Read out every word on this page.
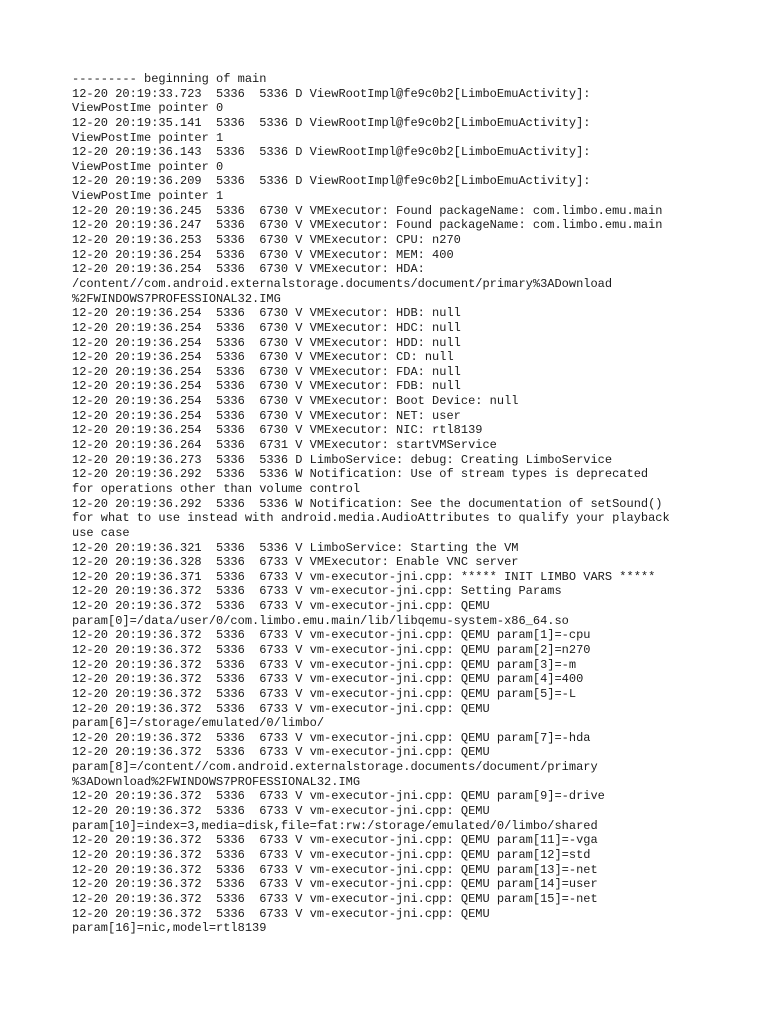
--------- beginning of main
12-20 20:19:33.723  5336  5336 D ViewRootImpl@fe9c0b2[LimboEmuActivity]:
ViewPostIme pointer 0
12-20 20:19:35.141  5336  5336 D ViewRootImpl@fe9c0b2[LimboEmuActivity]:
ViewPostIme pointer 1
12-20 20:19:36.143  5336  5336 D ViewRootImpl@fe9c0b2[LimboEmuActivity]:
ViewPostIme pointer 0
12-20 20:19:36.209  5336  5336 D ViewRootImpl@fe9c0b2[LimboEmuActivity]:
ViewPostIme pointer 1
12-20 20:19:36.245  5336  6730 V VMExecutor: Found packageName: com.limbo.emu.main
12-20 20:19:36.247  5336  6730 V VMExecutor: Found packageName: com.limbo.emu.main
12-20 20:19:36.253  5336  6730 V VMExecutor: CPU: n270
12-20 20:19:36.254  5336  6730 V VMExecutor: MEM: 400
12-20 20:19:36.254  5336  6730 V VMExecutor: HDA:
/content//com.android.externalstorage.documents/document/primary%3ADownload
%2FWINDOWS7PROFESSIONAL32.IMG
12-20 20:19:36.254  5336  6730 V VMExecutor: HDB: null
12-20 20:19:36.254  5336  6730 V VMExecutor: HDC: null
12-20 20:19:36.254  5336  6730 V VMExecutor: HDD: null
12-20 20:19:36.254  5336  6730 V VMExecutor: CD: null
12-20 20:19:36.254  5336  6730 V VMExecutor: FDA: null
12-20 20:19:36.254  5336  6730 V VMExecutor: FDB: null
12-20 20:19:36.254  5336  6730 V VMExecutor: Boot Device: null
12-20 20:19:36.254  5336  6730 V VMExecutor: NET: user
12-20 20:19:36.254  5336  6730 V VMExecutor: NIC: rtl8139
12-20 20:19:36.264  5336  6731 V VMExecutor: startVMService
12-20 20:19:36.273  5336  5336 D LimboService: debug: Creating LimboService
12-20 20:19:36.292  5336  5336 W Notification: Use of stream types is deprecated
for operations other than volume control
12-20 20:19:36.292  5336  5336 W Notification: See the documentation of setSound()
for what to use instead with android.media.AudioAttributes to qualify your playback
use case
12-20 20:19:36.321  5336  5336 V LimboService: Starting the VM
12-20 20:19:36.328  5336  6733 V VMExecutor: Enable VNC server
12-20 20:19:36.371  5336  6733 V vm-executor-jni.cpp: ***** INIT LIMBO VARS *****
12-20 20:19:36.372  5336  6733 V vm-executor-jni.cpp: Setting Params
12-20 20:19:36.372  5336  6733 V vm-executor-jni.cpp: QEMU
param[0]=/data/user/0/com.limbo.emu.main/lib/libqemu-system-x86_64.so
12-20 20:19:36.372  5336  6733 V vm-executor-jni.cpp: QEMU param[1]=-cpu
12-20 20:19:36.372  5336  6733 V vm-executor-jni.cpp: QEMU param[2]=n270
12-20 20:19:36.372  5336  6733 V vm-executor-jni.cpp: QEMU param[3]=-m
12-20 20:19:36.372  5336  6733 V vm-executor-jni.cpp: QEMU param[4]=400
12-20 20:19:36.372  5336  6733 V vm-executor-jni.cpp: QEMU param[5]=-L
12-20 20:19:36.372  5336  6733 V vm-executor-jni.cpp: QEMU
param[6]=/storage/emulated/0/limbo/
12-20 20:19:36.372  5336  6733 V vm-executor-jni.cpp: QEMU param[7]=-hda
12-20 20:19:36.372  5336  6733 V vm-executor-jni.cpp: QEMU
param[8]=/content//com.android.externalstorage.documents/document/primary
%3ADownload%2FWINDOWS7PROFESSIONAL32.IMG
12-20 20:19:36.372  5336  6733 V vm-executor-jni.cpp: QEMU param[9]=-drive
12-20 20:19:36.372  5336  6733 V vm-executor-jni.cpp: QEMU
param[10]=index=3,media=disk,file=fat:rw:/storage/emulated/0/limbo/shared
12-20 20:19:36.372  5336  6733 V vm-executor-jni.cpp: QEMU param[11]=-vga
12-20 20:19:36.372  5336  6733 V vm-executor-jni.cpp: QEMU param[12]=std
12-20 20:19:36.372  5336  6733 V vm-executor-jni.cpp: QEMU param[13]=-net
12-20 20:19:36.372  5336  6733 V vm-executor-jni.cpp: QEMU param[14]=user
12-20 20:19:36.372  5336  6733 V vm-executor-jni.cpp: QEMU param[15]=-net
12-20 20:19:36.372  5336  6733 V vm-executor-jni.cpp: QEMU
param[16]=nic,model=rtl8139
